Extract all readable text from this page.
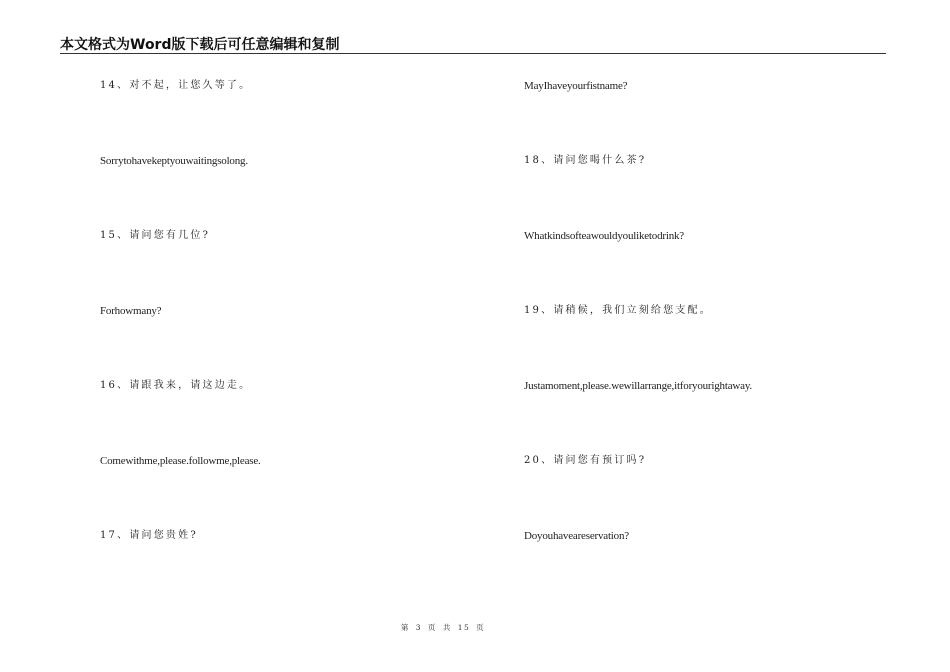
本文格式为Word版下载后可任意编辑和复制
14、对不起，让您久等了。
Sorrytohavekeptyouwaitingsolong.
15、请问您有几位?
Forhowmany?
16、请跟我来，请这边走。
Comewithme,please.followme,please.
17、请问您贵姓?
MayIhaveyourfistname?
18、请问您喝什么茶?
Whatkindsofteawouldyouliketodrink?
19、请稍候，我们立刻给您支配。
Justamoment,please.wewillarrange,itforyourightaway.
20、请问您有预订吗?
Doyouhaveareservation?
第 3 页 共 15 页
